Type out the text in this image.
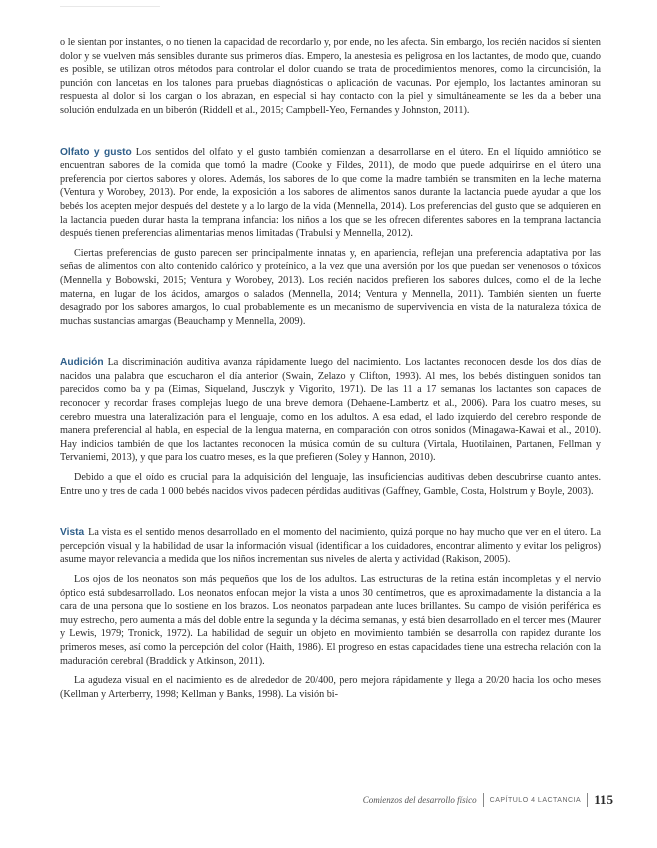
o le sientan por instantes, o no tienen la capacidad de recordarlo y, por ende, no les afecta. Sin embargo, los recién nacidos sí sienten dolor y se vuelven más sensibles durante sus primeros días. Empero, la anestesia es peligrosa en los lactantes, de modo que, cuando es posible, se utilizan otros métodos para controlar el dolor cuando se trata de procedimientos menores, como la circuncisión, la punción con lancetas en los talones para pruebas diagnósticas o aplicación de vacunas. Por ejemplo, los lactantes aminoran su respuesta al dolor si los cargan o los abrazan, en especial si hay contacto con la piel y simultáneamente se les da a beber una solución endulzada en un biberón (Riddell et al., 2015; Campbell-Yeo, Fernandes y Johnston, 2011).

Olfato y gusto Los sentidos del olfato y el gusto también comienzan a desarrollarse en el útero. En el líquido amniótico se encuentran sabores de la comida que tomó la madre (Cooke y Fildes, 2011), de modo que puede adquirirse en el útero una preferencia por ciertos sabores y olores. Además, los sabores de lo que come la madre también se transmiten en la leche materna (Ventura y Worobey, 2013). Por ende, la exposición a los sabores de alimentos sanos durante la lactancia puede ayudar a que los bebés los acepten mejor después del destete y a lo largo de la vida (Mennella, 2014). Los preferencias del gusto que se adquieren en la lactancia pueden durar hasta la temprana infancia: los niños a los que se les ofrecen diferentes sabores en la temprana lactancia después tienen preferencias alimentarias menos limitadas (Trabulsi y Mennella, 2012).

Ciertas preferencias de gusto parecen ser principalmente innatas y, en apariencia, reflejan una preferencia adaptativa por las señas de alimentos con alto contenido calórico y proteínico, a la vez que una aversión por los que puedan ser venenosos o tóxicos (Mennella y Bobowski, 2015; Ventura y Worobey, 2013). Los recién nacidos prefieren los sabores dulces, como el de la leche materna, en lugar de los ácidos, amargos o salados (Mennella, 2014; Ventura y Mennella, 2011). También sienten un fuerte desagrado por los sabores amargos, lo cual probablemente es un mecanismo de supervivencia en vista de la naturaleza tóxica de muchas sustancias amargas (Beauchamp y Mennella, 2009).

Audición La discriminación auditiva avanza rápidamente luego del nacimiento. Los lactantes reconocen desde los dos días de nacidos una palabra que escucharon el día anterior (Swain, Zelazo y Clifton, 1993). Al mes, los bebés distinguen sonidos tan parecidos como ba y pa (Eimas, Siqueland, Jusczyk y Vigorito, 1971). De las 11 a 17 semanas los lactantes son capaces de reconocer y recordar frases complejas luego de una breve demora (Dehaene-Lambertz et al., 2006). Para los cuatro meses, su cerebro muestra una lateralización para el lenguaje, como en los adultos. A esa edad, el lado izquierdo del cerebro responde de manera preferencial al habla, en especial de la lengua materna, en comparación con otros sonidos (Minagawa-Kawai et al., 2010). Hay indicios también de que los lactantes reconocen la música común de su cultura (Virtala, Huotilainen, Partanen, Fellman y Tervaniemi, 2013), y que para los cuatro meses, es la que prefieren (Soley y Hannon, 2010).

Debido a que el oído es crucial para la adquisición del lenguaje, las insuficiencias auditivas deben descubrirse cuanto antes. Entre uno y tres de cada 1 000 bebés nacidos vivos padecen pérdidas auditivas (Gaffney, Gamble, Costa, Holstrum y Boyle, 2003).

Vista La vista es el sentido menos desarrollado en el momento del nacimiento, quizá porque no hay mucho que ver en el útero. La percepción visual y la habilidad de usar la información visual (identificar a los cuidadores, encontrar alimento y evitar los peligros) asume mayor relevancia a medida que los niños incrementan sus niveles de alerta y actividad (Rakison, 2005).

Los ojos de los neonatos son más pequeños que los de los adultos. Las estructuras de la retina están incompletas y el nervio óptico está subdesarrollado. Los neonatos enfocan mejor la vista a unos 30 centímetros, que es aproximadamente la distancia a la cara de una persona que lo sostiene en los brazos. Los neonatos parpadean ante luces brillantes. Su campo de visión periférica es muy estrecho, pero aumenta a más del doble entre la segunda y la décima semanas, y está bien desarrollado en el tercer mes (Maurer y Lewis, 1979; Tronick, 1972). La habilidad de seguir un objeto en movimiento también se desarrolla con rapidez durante los primeros meses, así como la percepción del color (Haith, 1986). El progreso en estas capacidades tiene una estrecha relación con la maduración cerebral (Braddick y Atkinson, 2011).

La agudeza visual en el nacimiento es de alrededor de 20/400, pero mejora rápidamente y llega a 20/20 hacia los ocho meses (Kellman y Arterberry, 1998; Kellman y Banks, 1998). La visión bi-

Comienzos del desarrollo físico CAPÍTULO 4 LACTANCIA 115
